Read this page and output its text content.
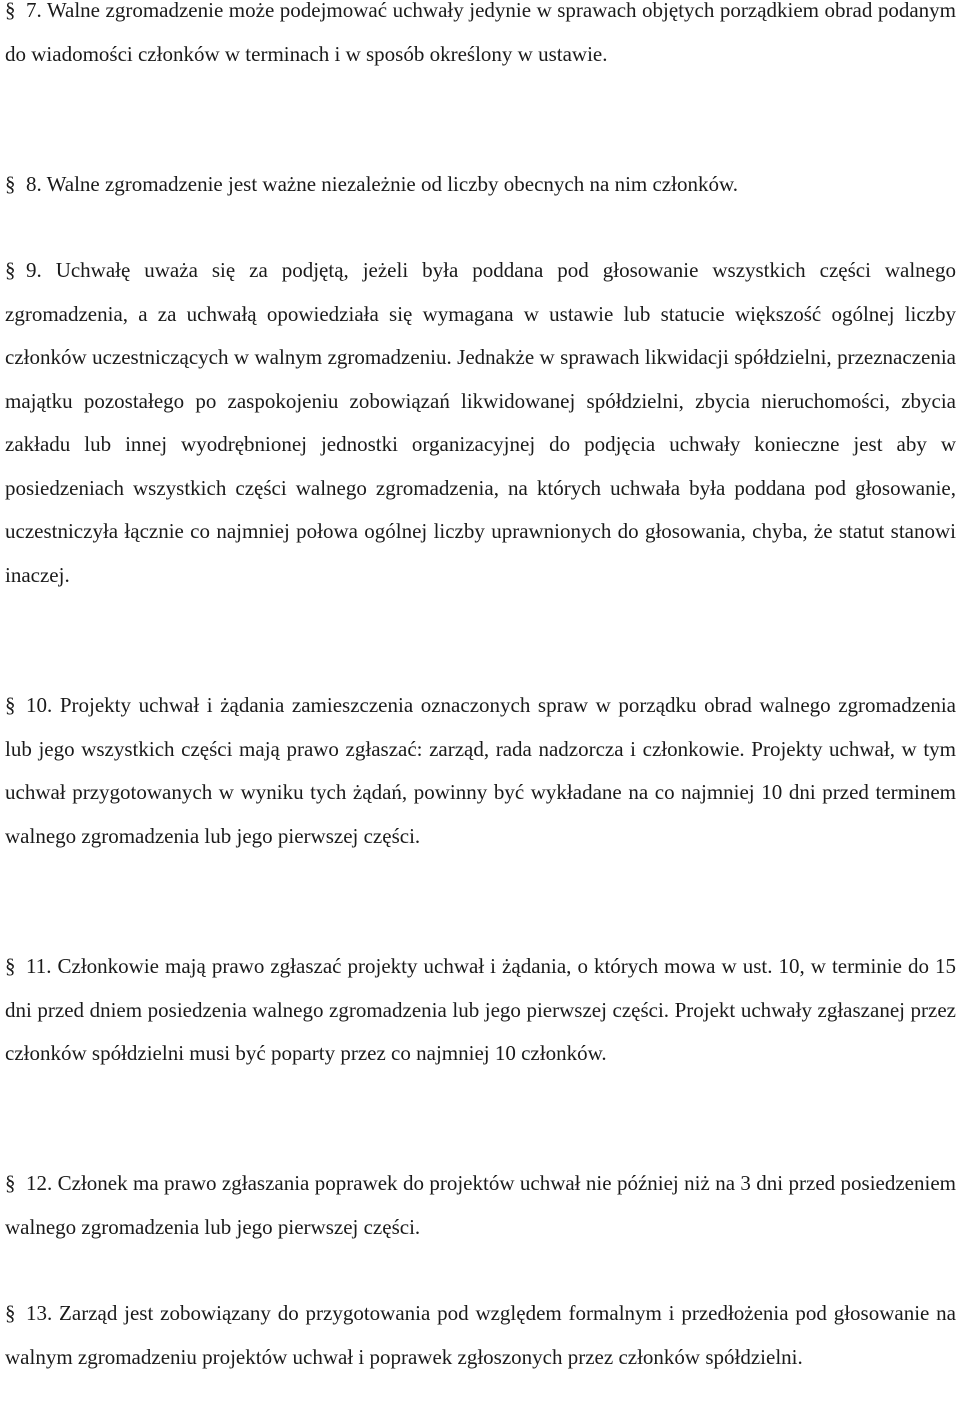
§ 7. Walne zgromadzenie może podejmować uchwały jedynie w sprawach objętych porządkiem obrad podanym do wiadomości członków w terminach i w sposób określony w ustawie.

§ 8. Walne zgromadzenie jest ważne niezależnie od liczby obecnych na nim członków.

§ 9. Uchwałę uważa się za podjętą, jeżeli była poddana pod głosowanie wszystkich części walnego zgromadzenia, a za uchwałą opowiedziała się wymagana w ustawie lub statucie większość ogólnej liczby członków uczestniczących w walnym zgromadzeniu. Jednakże w sprawach likwidacji spółdzielni, przeznaczenia majątku pozostałego po zaspokojeniu zobowiązań likwidowanej spółdzielni, zbycia nieruchomości, zbycia zakładu lub innej wyodrębnionej jednostki organizacyjnej do podjęcia uchwały konieczne jest aby w posiedzeniach wszystkich części walnego zgromadzenia, na których uchwała była poddana pod głosowanie, uczestniczyła łącznie co najmniej połowa ogólnej liczby uprawnionych do głosowania, chyba, że statut stanowi inaczej.

§ 10. Projekty uchwał i żądania zamieszczenia oznaczonych spraw w porządku obrad walnego zgromadzenia lub jego wszystkich części mają prawo zgłaszać: zarząd, rada nadzorcza i członkowie. Projekty uchwał, w tym uchwał przygotowanych w wyniku tych żądań, powinny być wykładane na co najmniej 10 dni przed terminem walnego zgromadzenia lub jego pierwszej części.

§ 11. Członkowie mają prawo zgłaszać projekty uchwał i żądania, o których mowa w ust. 10, w terminie do 15 dni przed dniem posiedzenia walnego zgromadzenia lub jego pierwszej części. Projekt uchwały zgłaszanej przez członków spółdzielni musi być poparty przez co najmniej 10 członków.

§ 12. Członek ma prawo zgłaszania poprawek do projektów uchwał nie później niż na 3 dni przed posiedzeniem walnego zgromadzenia lub jego pierwszej części.

§ 13. Zarząd jest zobowiązany do przygotowania pod względem formalnym i przedłożenia pod głosowanie na walnym zgromadzeniu projektów uchwał i poprawek zgłoszonych przez członków spółdzielni.
